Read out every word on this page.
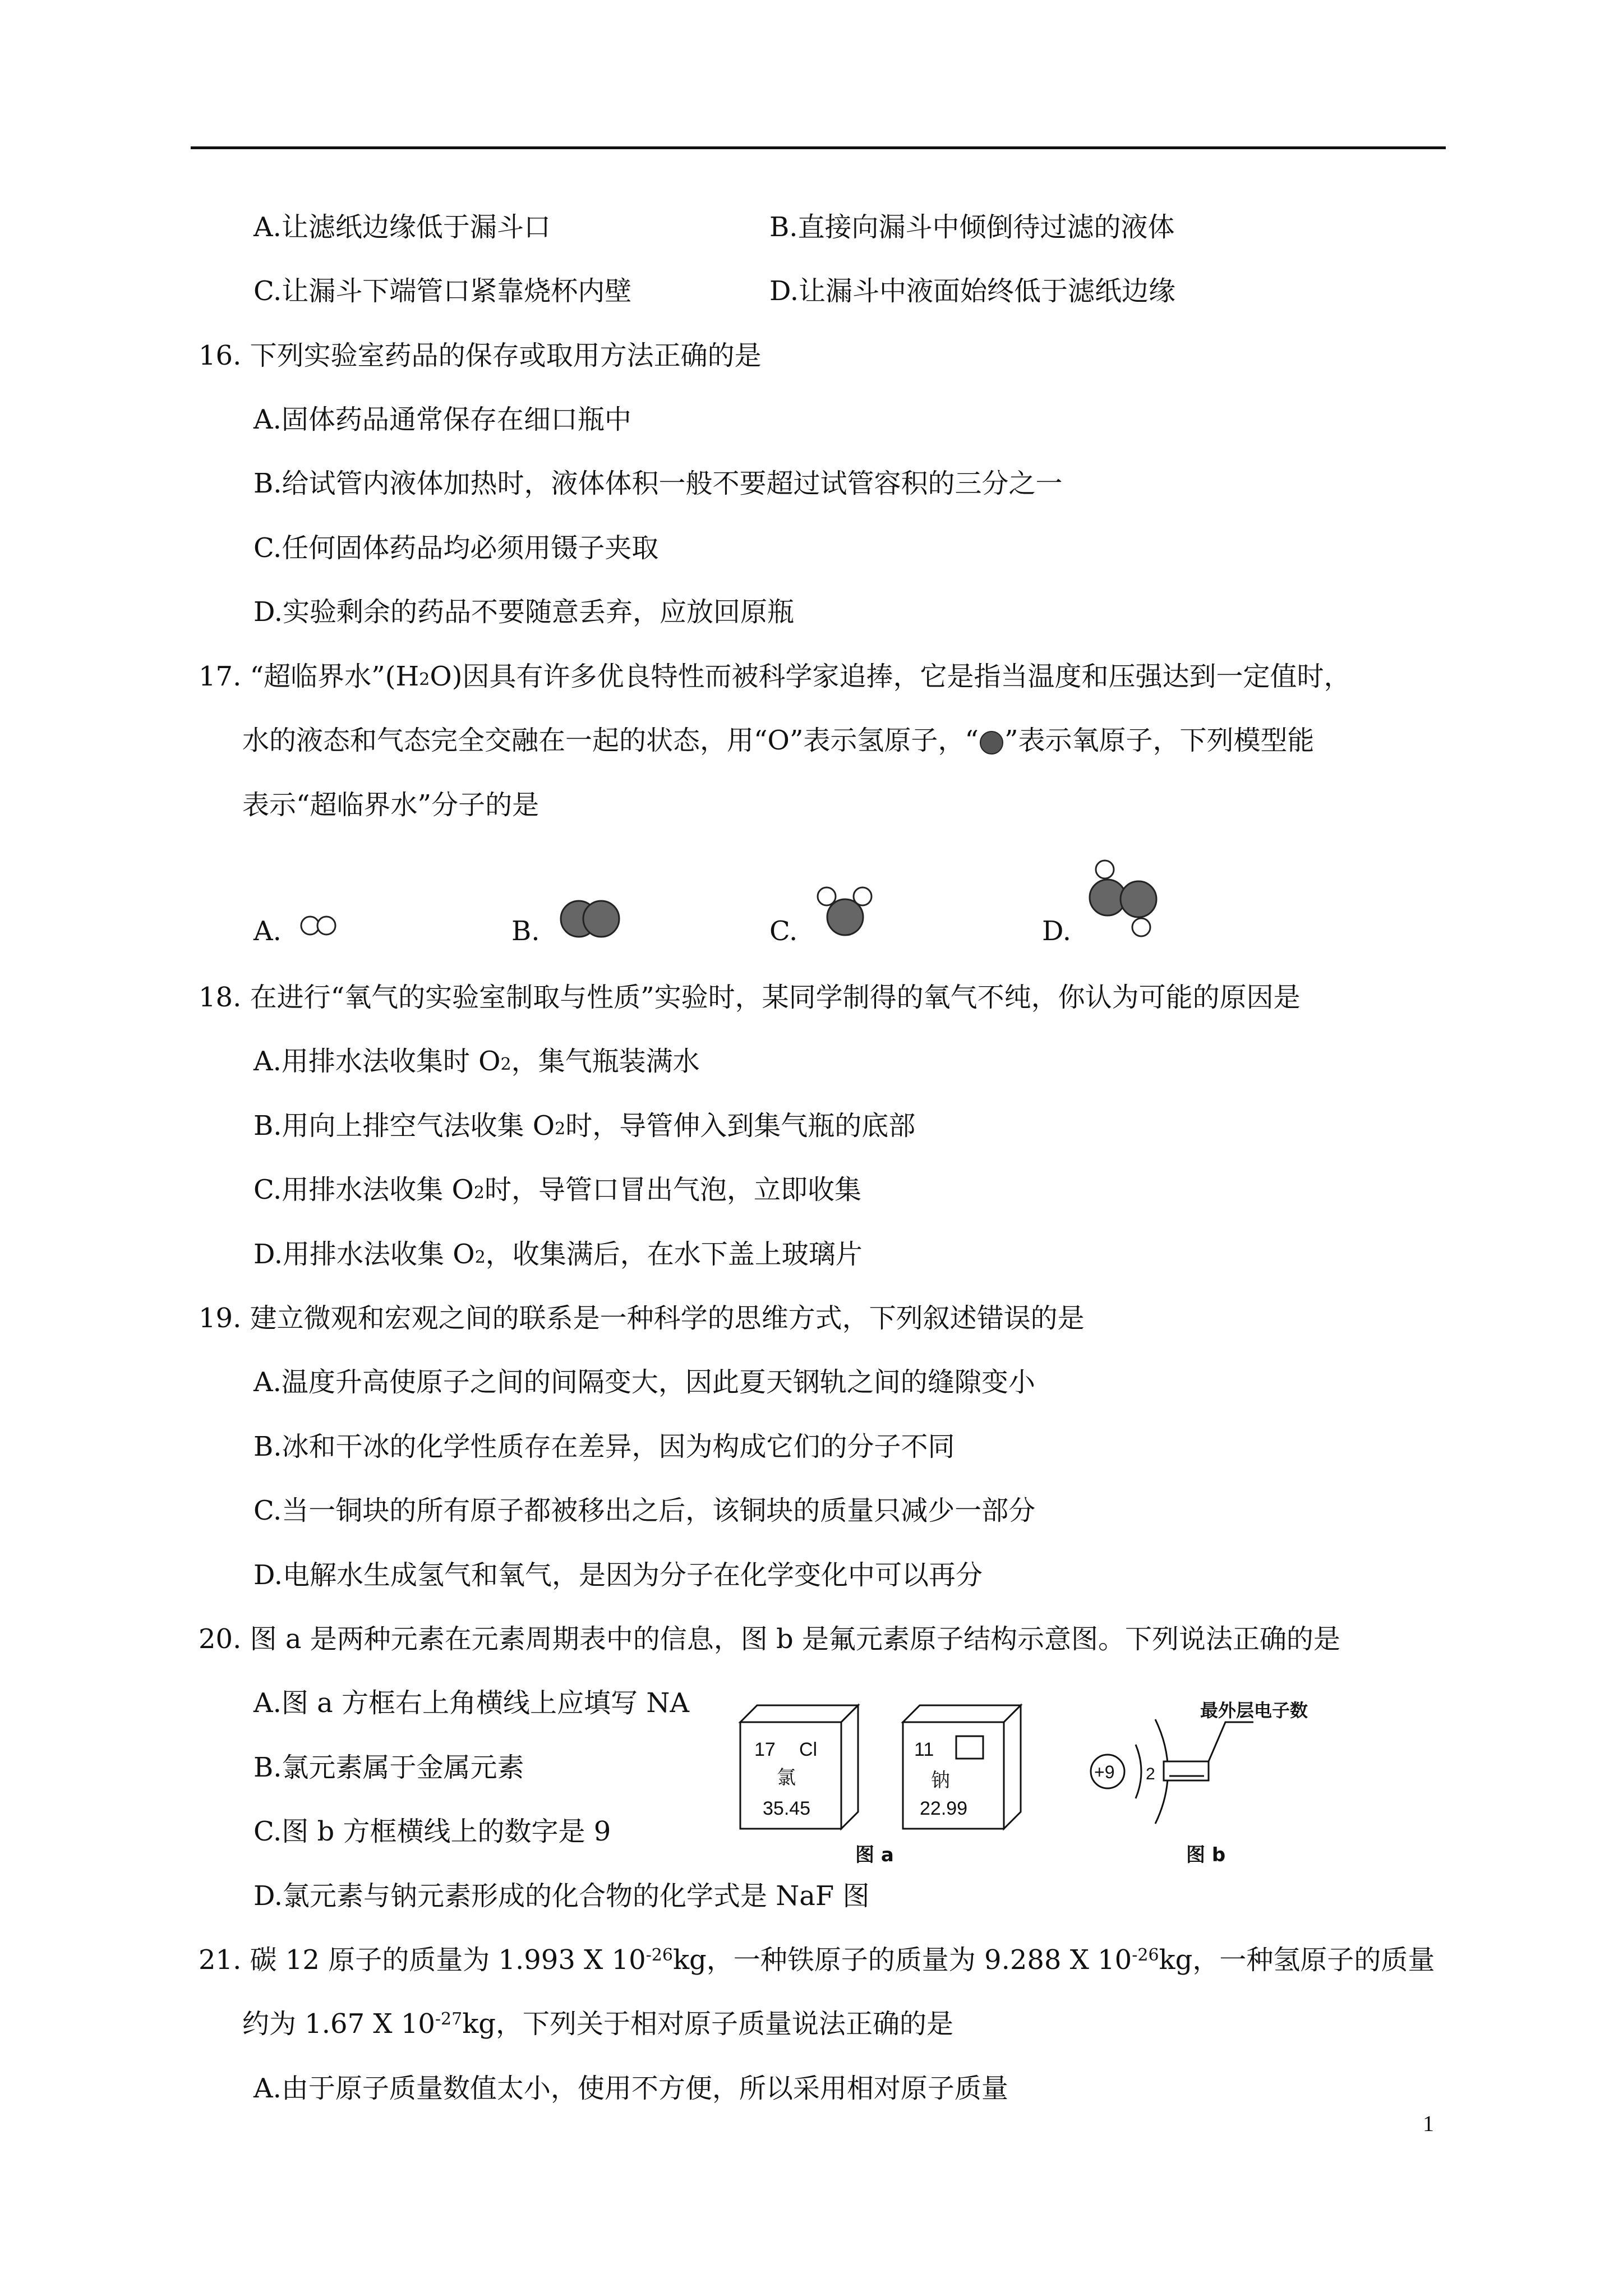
A.让滤纸边缘低于漏斗口	B.直接向漏斗中倾倒待过滤的液体
C.让漏斗下端管口紧靠烧杯内壁	D.让漏斗中液面始终低于滤纸边缘
16. 下列实验室药品的保存或取用方法正确的是
A.固体药品通常保存在细口瓶中
B.给试管内液体加热时，液体体积一般不要超过试管容积的三分之一
C.任何固体药品均必须用镊子夹取
D.实验剩余的药品不要随意丢弃，应放回原瓶
17. “超临界水$”(H_2O)$因具有许多优良特性而被科学家追捧，它是指当温度和压强达到一定值时，
水的液态和气态完全交融在一起的状态，用“O”表示氢原子，“ ”表示氧原子，下列模型能
表示“超临界水”分子的是
A.	B.	C.	D.
18. 在进行“氧气的实验室制取与性质”实验时，某同学制得的氧气不纯，你认为可能的原因是
A.用排水法收集时 $O_2$，集气瓶装满水
B.用向上排空气法收集 $O_2$时，导管伸入到集气瓶的底部
C.用排水法收集 $O_2$时，导管口冒出气泡，立即收集
D.用排水法收集 $O_2$，收集满后，在水下盖上玻璃片
19. 建立微观和宏观之间的联系是一种科学的思维方式，下列叙述错误的是
A.温度升高使原子之间的间隔变大，因此夏天钢轨之间的缝隙变小
B.冰和干冰的化学性质存在差异，因为构成它们的分子不同
C.当一铜块的所有原子都被移出之后，该铜块的质量只减少一部分
D.电解水生成氢气和氧气，是因为分子在化学变化中可以再分
20. 图 a 是两种元素在元素周期表中的信息，图 b 是氟元素原子结构示意图。下列说法正确的是
A.图 a 方框右上角横线上应填写 NA
B.氯元素属于金属元素
C.图 b 方框横线上的数字是 9
D.氯元素与钠元素形成的化合物的化学式是 NaF 图
17 Cl
氯
35.45
11
钠
22.99
图 a
+9 2
最外层电子数
图 b
21. 碳 12 原子的质量为 1.993 X $10^{-26}kg$，一种铁原子的质量为 9.288 X $10^{-26}kg$，一种氢原子的质量
约为 1.67 X $10^{-27}kg$，下列关于相对原子质量说法正确的是
A.由于原子质量数值太小，使用不方便，所以采用相对原子质量
1
